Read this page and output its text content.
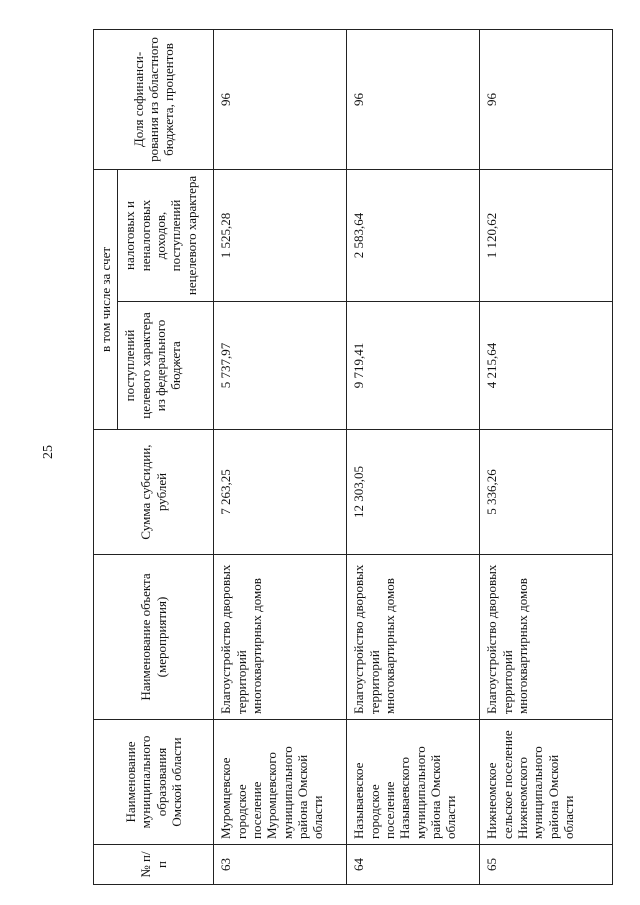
25
№ п/п	Наименование муниципального образования Омской области	Наименование объекта (мероприятия)	Сумма субсидии, рублей	в том числе за счет		Доля софинанси-рования из областного бюджета, процентов
				поступлений целевого характера из федерального бюджета	налоговых и неналоговых доходов, поступлений нецелевого характера	
63	Муромцевское городское поселение Муромцевского муниципального района Омской области	Благоустройство дворовых территорий многоквартирных домов	7 263,25	5 737,97	1 525,28	96
64	Называевское городское поселение Называевского муниципального района Омской области	Благоустройство дворовых территорий многоквартирных домов	12 303,05	9 719,41	2 583,64	96
65	Нижнеомское сельское поселение Нижнеомского муниципального района Омской области	Благоустройство дворовых территорий многоквартирных домов	5 336,26	4 215,64	1 120,62	96
